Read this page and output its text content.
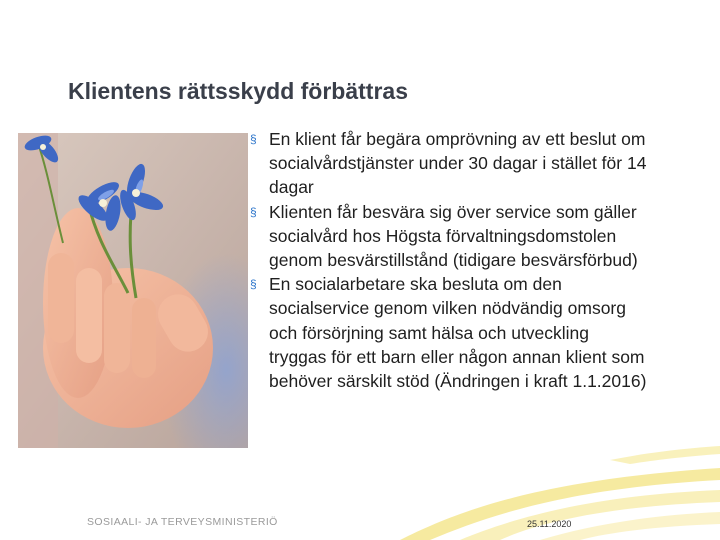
Klientens rättsskydd förbättras
§ En klient får begära omprövning av ett beslut om socialvårdstjänster under 30 dagar i stället för 14 dagar
§ Klienten får besvära sig över service som gäller socialvård hos Högsta förvaltningsdomstolen genom besvärstillstånd (tidigare besvärsförbud)
§ En socialarbetare ska besluta om den socialservice genom vilken nödvändig omsorg och försörjning samt hälsa och utveckling tryggas för ett barn eller någon annan klient som behöver särskilt stöd (Ändringen i kraft 1.1.2016)
SOSIAALI- JA TERVEYSMINISTERIÖ	25.11.2020
